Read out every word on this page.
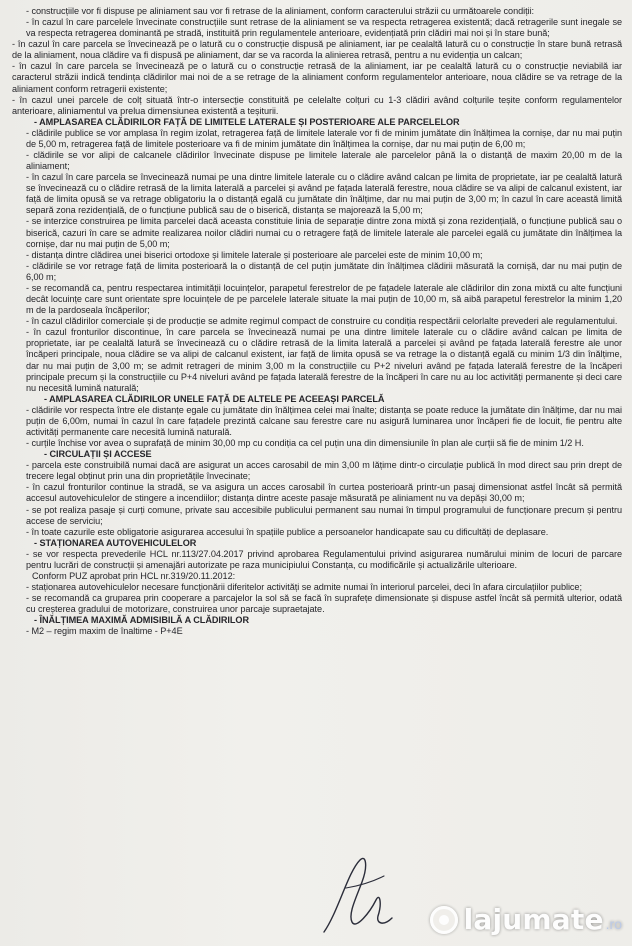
- construcțiile vor fi dispuse pe aliniament sau vor fi retrase de la aliniament, conform caracterului străzii cu următoarele condiții:

- în cazul în care parcelele învecinate construcțiile sunt retrase de la aliniament se va respecta retragerea existentă; dacă retragerile sunt inegale se va respecta retragerea dominantă pe stradă, instituită prin regulamentele anterioare, evidențiată prin clădiri mai noi și în stare bună;

- în cazul în care parcela se învecinează pe o latură cu o construcție dispusă pe aliniament, iar pe cealaltă latură cu o construcție în stare bună retrasă de la aliniament, noua clădire va fi dispusă pe aliniament, dar se va racorda la alinierea retrasă, pentru a nu evidenția un calcan;

- în cazul în care parcela se învecinează pe o latură cu o construcție retrasă de la aliniament, iar pe cealaltă latură cu o construcție neviabilă iar caracterul străzii indică tendința clădirilor mai noi de a se retrage de la aliniament conform regulamentelor anterioare, noua clădire se va retrage de la aliniament conform retragerii existente;

- în cazul unei parcele de colț situată într-o intersecție constituită pe celelalte colțuri cu 1-3 clădiri având colțurile teșite conform regulamentelor anterioare, aliniamentul va prelua dimensiunea existentă a teșiturii.

- AMPLASAREA CLĂDIRILOR FAȚĂ DE LIMITELE LATERALE ȘI POSTERIOARE ALE PARCELELOR

- clădirile publice se vor amplasa în regim izolat, retragerea față de limitele laterale vor fi de minim jumătate din înălțimea la cornișe, dar nu mai puțin de 5,00 m, retragerea față de limitele posterioare va fi de minim jumătate din înălțimea la cornișe, dar nu mai puțin de 6,00 m;

- clădirile se vor alipi de calcanele clădirilor învecinate dispuse pe limitele laterale ale parcelelor până la o distanță de maxim 20,00 m de la aliniament;

- în cazul în care parcela se învecinează numai pe una dintre limitele laterale cu o clădire având calcan pe limita de proprietate, iar pe cealaltă latură se învecinează cu o clădire retrasă de la limita laterală a parcelei și având pe fațada laterală ferestre, noua clădire se va alipi de calcanul existent, iar față de limita opusă se va retrage obligatoriu la o distanță egală cu jumătate din înălțime, dar nu mai puțin de 3,00 m; în cazul în care această limită separă zona rezidențială, de o funcțiune publică sau de o biserică, distanța se majorează la 5,00 m;

- se interzice construirea pe limita parcelei dacă aceasta constituie linia de separație dintre zona mixtă și zona rezidențială, o funcțiune publică sau o biserică, cazuri în care se admite realizarea noilor clădiri numai cu o retragere față de limitele laterale ale parcelei egală cu jumătate din înălțimea la cornișe, dar nu mai puțin de 5,00 m;

- distanța dintre clădirea unei biserici ortodoxe și limitele laterale și posterioare ale parcelei este de minim 10,00 m;

- clădirile se vor retrage față de limita posterioară la o distanță de cel puțin jumătate din înălțimea clădirii măsurată la cornișă, dar nu mai puțin de 6,00 m;

- se recomandă ca, pentru respectarea intimității locuințelor, parapetul ferestrelor de pe fațadele laterale ale clădirilor din zona mixtă cu alte funcțiuni decât locuințe care sunt orientate spre locuințele de pe parcelele laterale situate la mai puțin de 10,00 m, să aibă parapetul ferestrelor la minim 1,20 m de la pardoseala încăperilor;

- în cazul clădirilor comerciale și de producție se admite regimul compact de construire cu condiția respectării celorlalte prevederi ale regulamentului.

- în cazul fronturilor discontinue, în care parcela se învecinează numai pe una dintre limitele laterale cu o clădire având calcan pe limita de proprietate, iar pe cealaltă latură se învecinează cu o clădire retrasă de la limita laterală a parcelei și având pe fațada laterală ferestre ale unor încăperi principale, noua clădire se va alipi de calcanul existent, iar față de limita opusă se va retrage la o distanță egală cu minim 1/3 din înălțime, dar nu mai puțin de 3,00 m; se admit retrageri de minim 3,00 m la construcțiile cu P+2 niveluri având pe fațada laterală ferestre de la încăperi principale precum și la construcțiile cu P+4 niveluri având pe fațada laterală ferestre de la încăperi în care nu au loc activități permanente și deci care nu necesită lumină naturală;

- AMPLASAREA CLĂDIRILOR UNELE FAȚĂ DE ALTELE PE ACEEAȘI PARCELĂ

- clădirile vor respecta între ele distanțe egale cu jumătate din înălțimea celei mai înalte; distanța se poate reduce la jumătate din înălțime, dar nu mai puțin de 6,00m, numai în cazul în care fațadele prezintă calcane sau ferestre care nu asigură luminarea unor încăperi fie de locuit, fie pentru alte activități permanente care necesită lumină naturală.

- curțile închise vor avea o suprafață de minim 30,00 mp cu condiția ca cel puțin una din dimensiunile în plan ale curții să fie de minim 1/2 H.

- CIRCULAȚII ȘI ACCESE

- parcela este construibilă numai dacă are asigurat un acces carosabil de min 3,00 m lățime dintr-o circulație publică în mod direct sau prin drept de trecere legal obținut prin una din proprietățile învecinate;

- în cazul fronturilor continue la stradă, se va asigura un acces carosabil în curtea posterioară printr-un pasaj dimensionat astfel încât să permită accesul autovehiculelor de stingere a incendiilor; distanța dintre aceste pasaje măsurată pe aliniament nu va depăși 30,00 m;

- se pot realiza pasaje și curți comune, private sau accesibile publicului permanent sau numai în timpul programului de funcționare precum și pentru accese de serviciu;

- în toate cazurile este obligatorie asigurarea accesului în spațiile publice a persoanelor handicapate sau cu dificultăți de deplasare.

- STAȚIONAREA AUTOVEHICULELOR

- se vor respecta prevederile HCL nr.113/27.04.2017 privind aprobarea Regulamentului privind asigurarea numărului minim de locuri de parcare pentru lucrări de construcții și amenajări autorizate pe raza municipiului Constanța, cu modificările și actualizările ulterioare.

Conform PUZ aprobat prin HCL nr.319/20.11.2012:

- staționarea autovehiculelor necesare funcționării diferitelor activități se admite numai în interiorul parcelei, deci în afara circulațiilor publice;

- se recomandă ca gruparea prin cooperare a parcajelor la sol să se facă în suprafețe dimensionate și dispuse astfel încât să permită ulterior, odată cu creșterea gradului de motorizare, construirea unor parcaje supraetajate.

- ÎNĂLȚIMEA MAXIMĂ ADMISIBILĂ A CLĂDIRILOR

- M2 – regim maxim de înaltime - P+4E

lajumate .ro
